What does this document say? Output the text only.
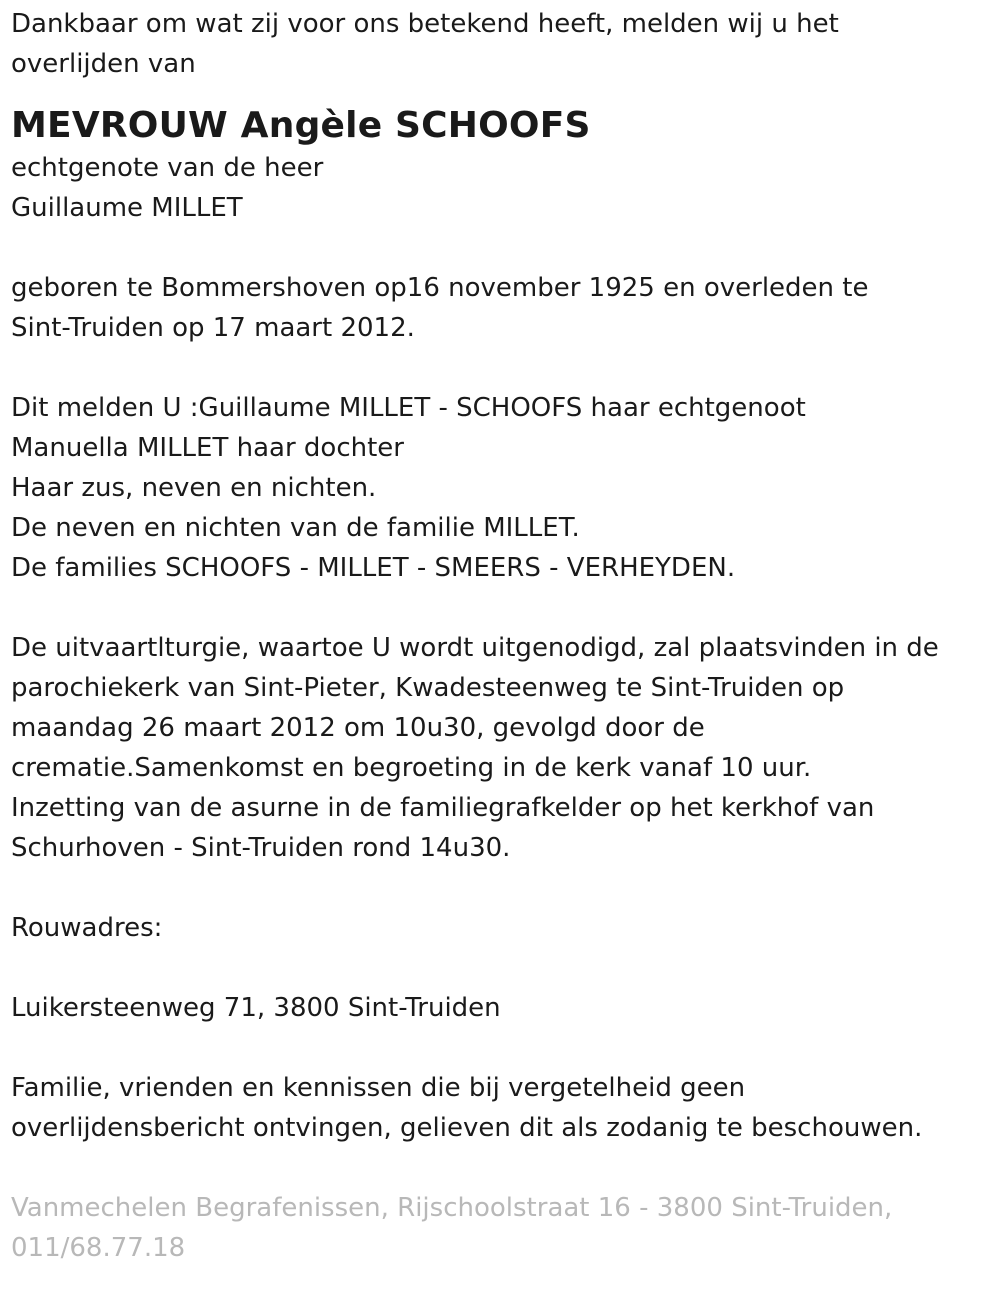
Dankbaar om wat zij voor ons betekend heeft, melden wij u het

overlijden van

MEVROUW Angèle SCHOOFS

echtgenote van de heer

Guillaume MILLET

geboren te Bommershoven op16 november 1925 en overleden te

Sint-Truiden op 17 maart 2012.

Dit melden U :Guillaume MILLET - SCHOOFS haar echtgenoot

Manuella MILLET haar dochter

Haar zus, neven en nichten.

De neven en nichten van de familie MILLET.

De families SCHOOFS - MILLET - SMEERS - VERHEYDEN.

De uitvaartlturgie, waartoe U wordt uitgenodigd, zal plaatsvinden in de

parochiekerk van Sint-Pieter, Kwadesteenweg te Sint-Truiden op

maandag 26 maart 2012 om 10u30, gevolgd door de

crematie.Samenkomst en begroeting in de kerk vanaf 10 uur.

Inzetting van de asurne in de familiegrafkelder op het kerkhof van

Schurhoven - Sint-Truiden rond 14u30.

Rouwadres:

Luikersteenweg 71, 3800 Sint-Truiden

Familie, vrienden en kennissen die bij vergetelheid geen

overlijdensbericht ontvingen, gelieven dit als zodanig te beschouwen.

Vanmechelen Begrafenissen, Rijschoolstraat 16 - 3800 Sint-Truiden,

011/68.77.18
